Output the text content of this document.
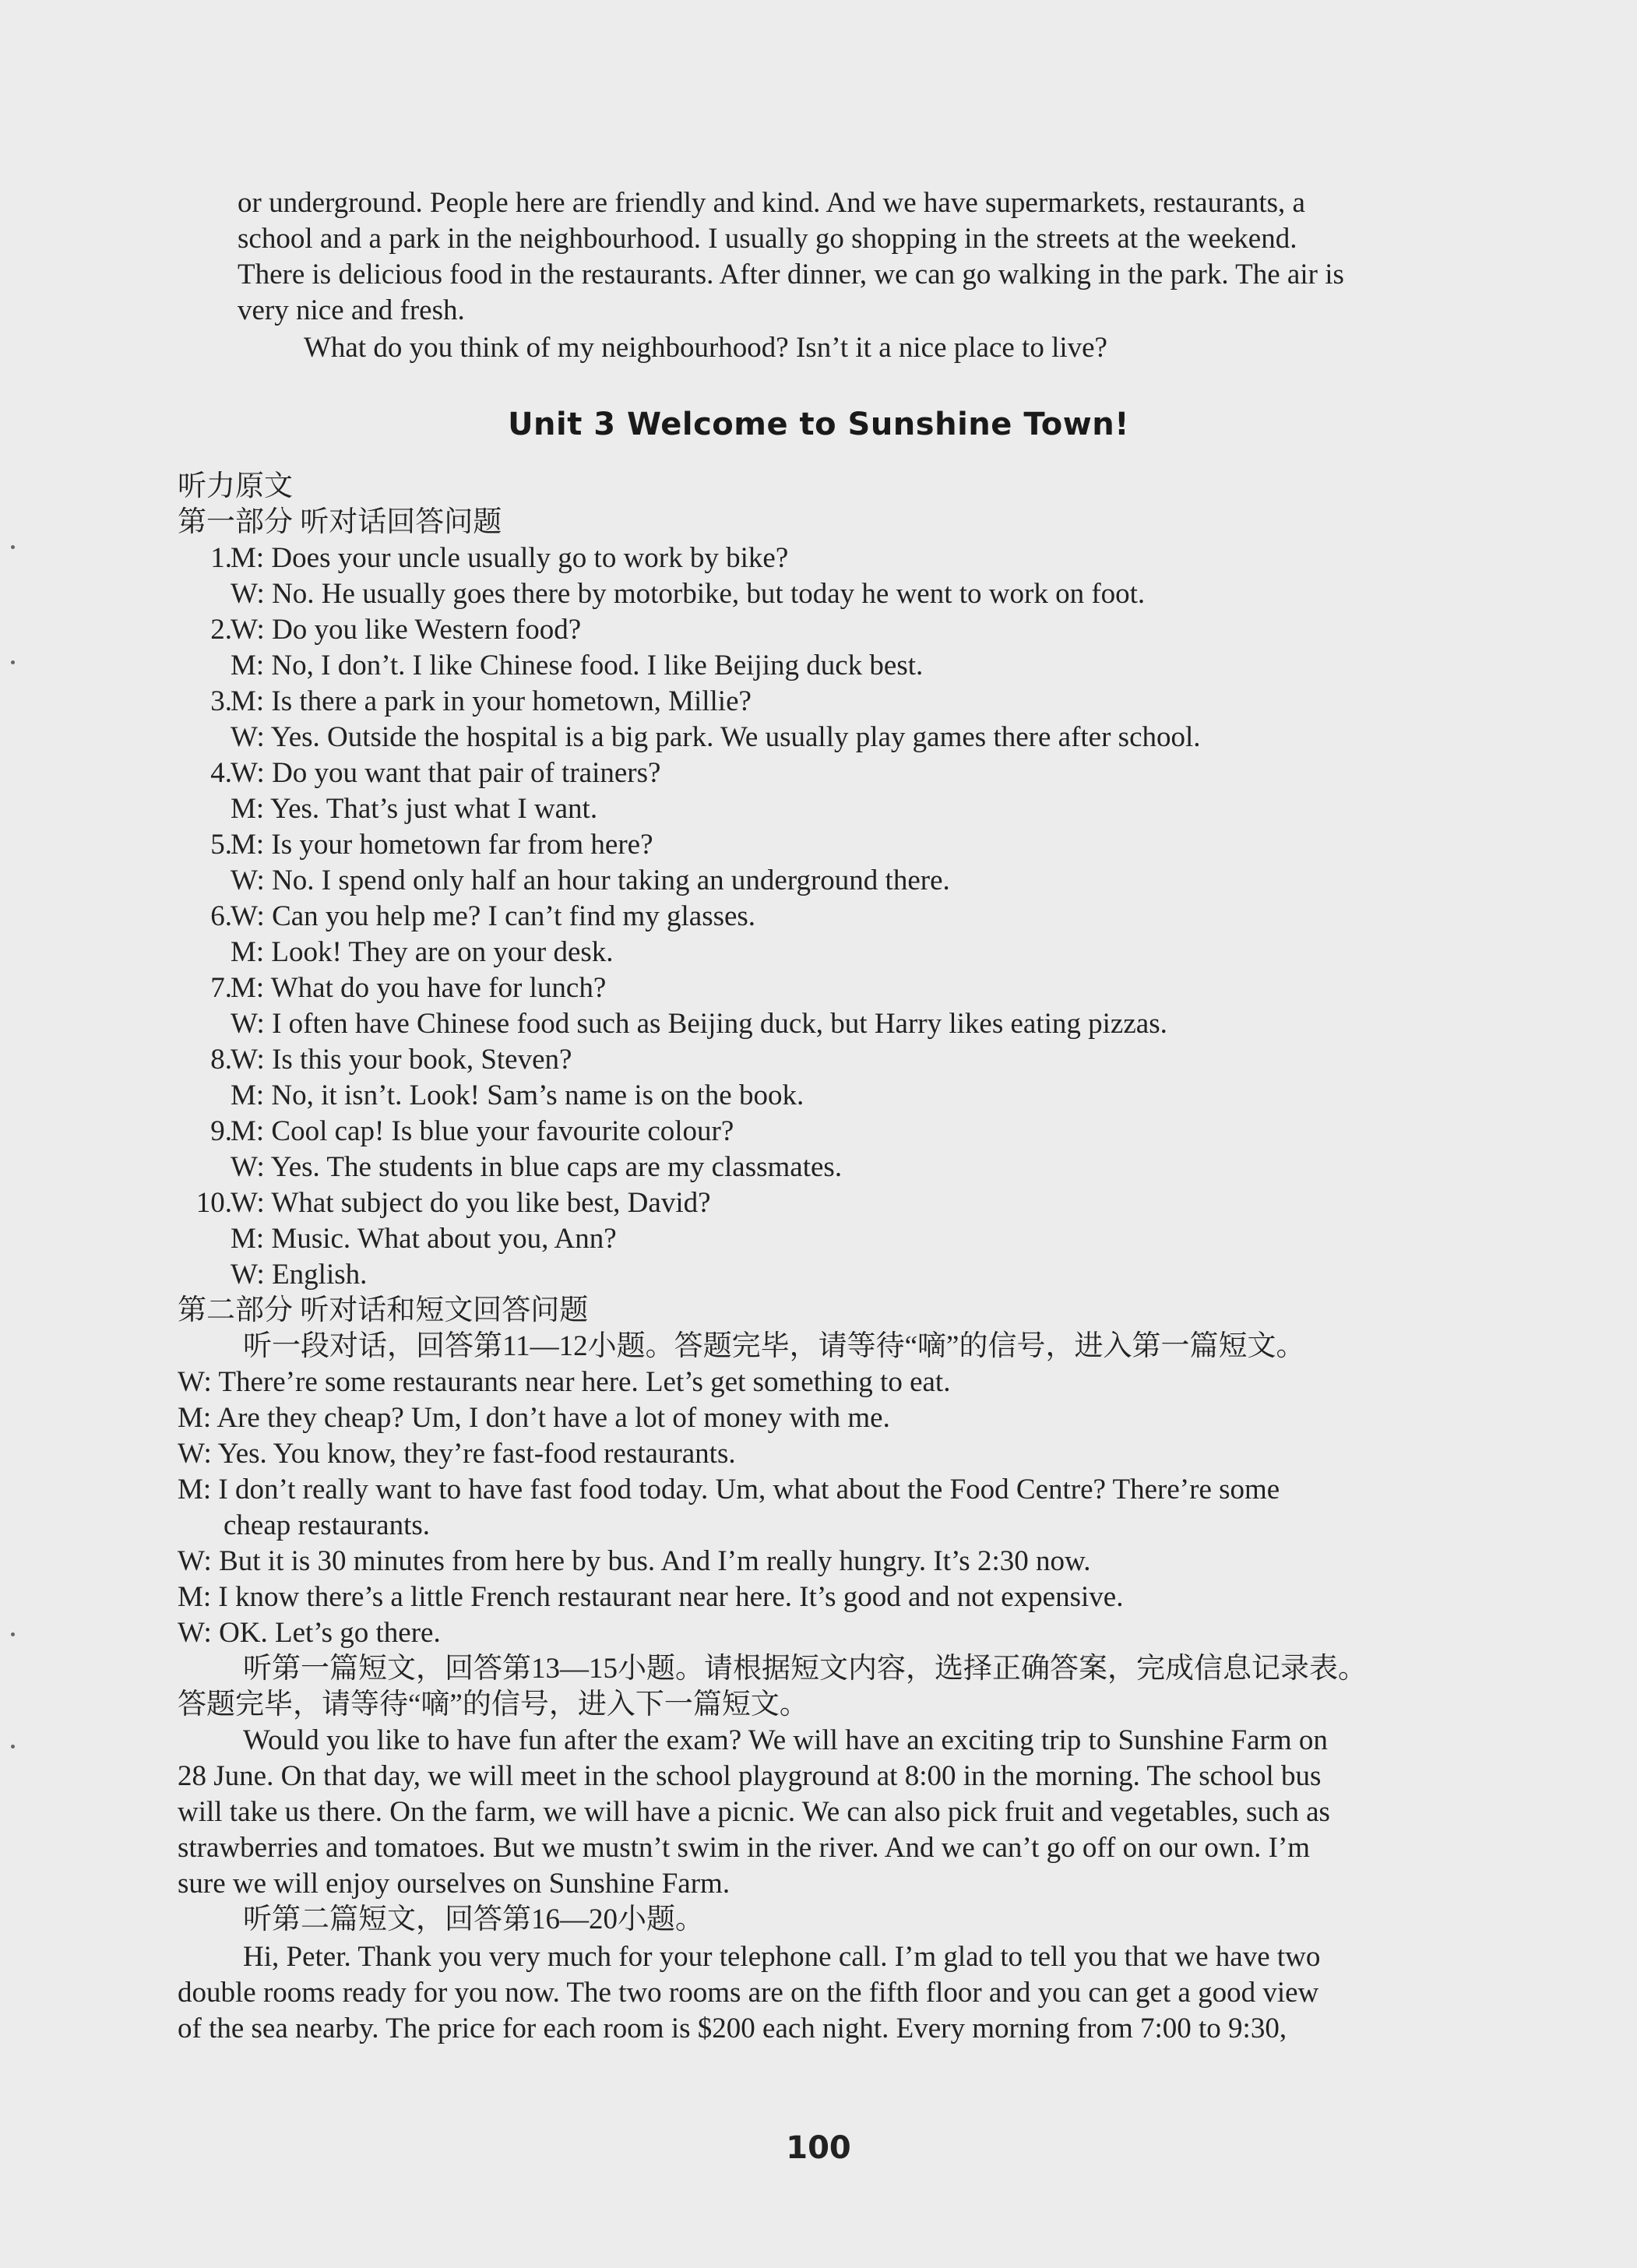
or underground. People here are friendly and kind. And we have supermarkets, restaurants, a

school and a park in the neighbourhood. I usually go shopping in the streets at the weekend.

There is delicious food in the restaurants. After dinner, we can go walking in the park. The air is

very nice and fresh.

What do you think of my neighbourhood? Isn’t it a nice place to live?

Unit 3 Welcome to Sunshine Town!

听力原文

第一部分 听对话回答问题

1.

M: Does your uncle usually go to work by bike?

W: No. He usually goes there by motorbike, but today he went to work on foot.

2.

W: Do you like Western food?

M: No, I don’t. I like Chinese food. I like Beijing duck best.

3.

M: Is there a park in your hometown, Millie?

W: Yes. Outside the hospital is a big park. We usually play games there after school.

4.

W: Do you want that pair of trainers?

M: Yes. That’s just what I want.

5.

M: Is your hometown far from here?

W: No. I spend only half an hour taking an underground there.

6.

W: Can you help me? I can’t find my glasses.

M: Look! They are on your desk.

7.

M: What do you have for lunch?

W: I often have Chinese food such as Beijing duck, but Harry likes eating pizzas.

8.

W: Is this your book, Steven?

M: No, it isn’t. Look! Sam’s name is on the book.

9.

M: Cool cap! Is blue your favourite colour?

W: Yes. The students in blue caps are my classmates.

10.

W: What subject do you like best, David?

M: Music. What about you, Ann?

W: English.

第二部分 听对话和短文回答问题

听一段对话，回答第11—12小题。答题完毕，请等待“嘀”的信号，进入第一篇短文。

W: There’re some restaurants near here. Let’s get something to eat.

M: Are they cheap? Um, I don’t have a lot of money with me.

W: Yes. You know, they’re fast-food restaurants.

M: I don’t really want to have fast food today. Um, what about the Food Centre? There’re some

cheap restaurants.

W: But it is 30 minutes from here by bus. And I’m really hungry. It’s 2:30 now.

M: I know there’s a little French restaurant near here. It’s good and not expensive.

W: OK. Let’s go there.

听第一篇短文，回答第13—15小题。请根据短文内容，选择正确答案，完成信息记录表。

答题完毕，请等待“嘀”的信号，进入下一篇短文。

Would you like to have fun after the exam? We will have an exciting trip to Sunshine Farm on

28 June. On that day, we will meet in the school playground at 8:00 in the morning. The school bus

will take us there. On the farm, we will have a picnic. We can also pick fruit and vegetables, such as

strawberries and tomatoes. But we mustn’t swim in the river. And we can’t go off on our own. I’m

sure we will enjoy ourselves on Sunshine Farm.

听第二篇短文，回答第16—20小题。

Hi, Peter. Thank you very much for your telephone call. I’m glad to tell you that we have two

double rooms ready for you now. The two rooms are on the fifth floor and you can get a good view

of the sea nearby. The price for each room is $200 each night. Every morning from 7:00 to 9:30,

100
